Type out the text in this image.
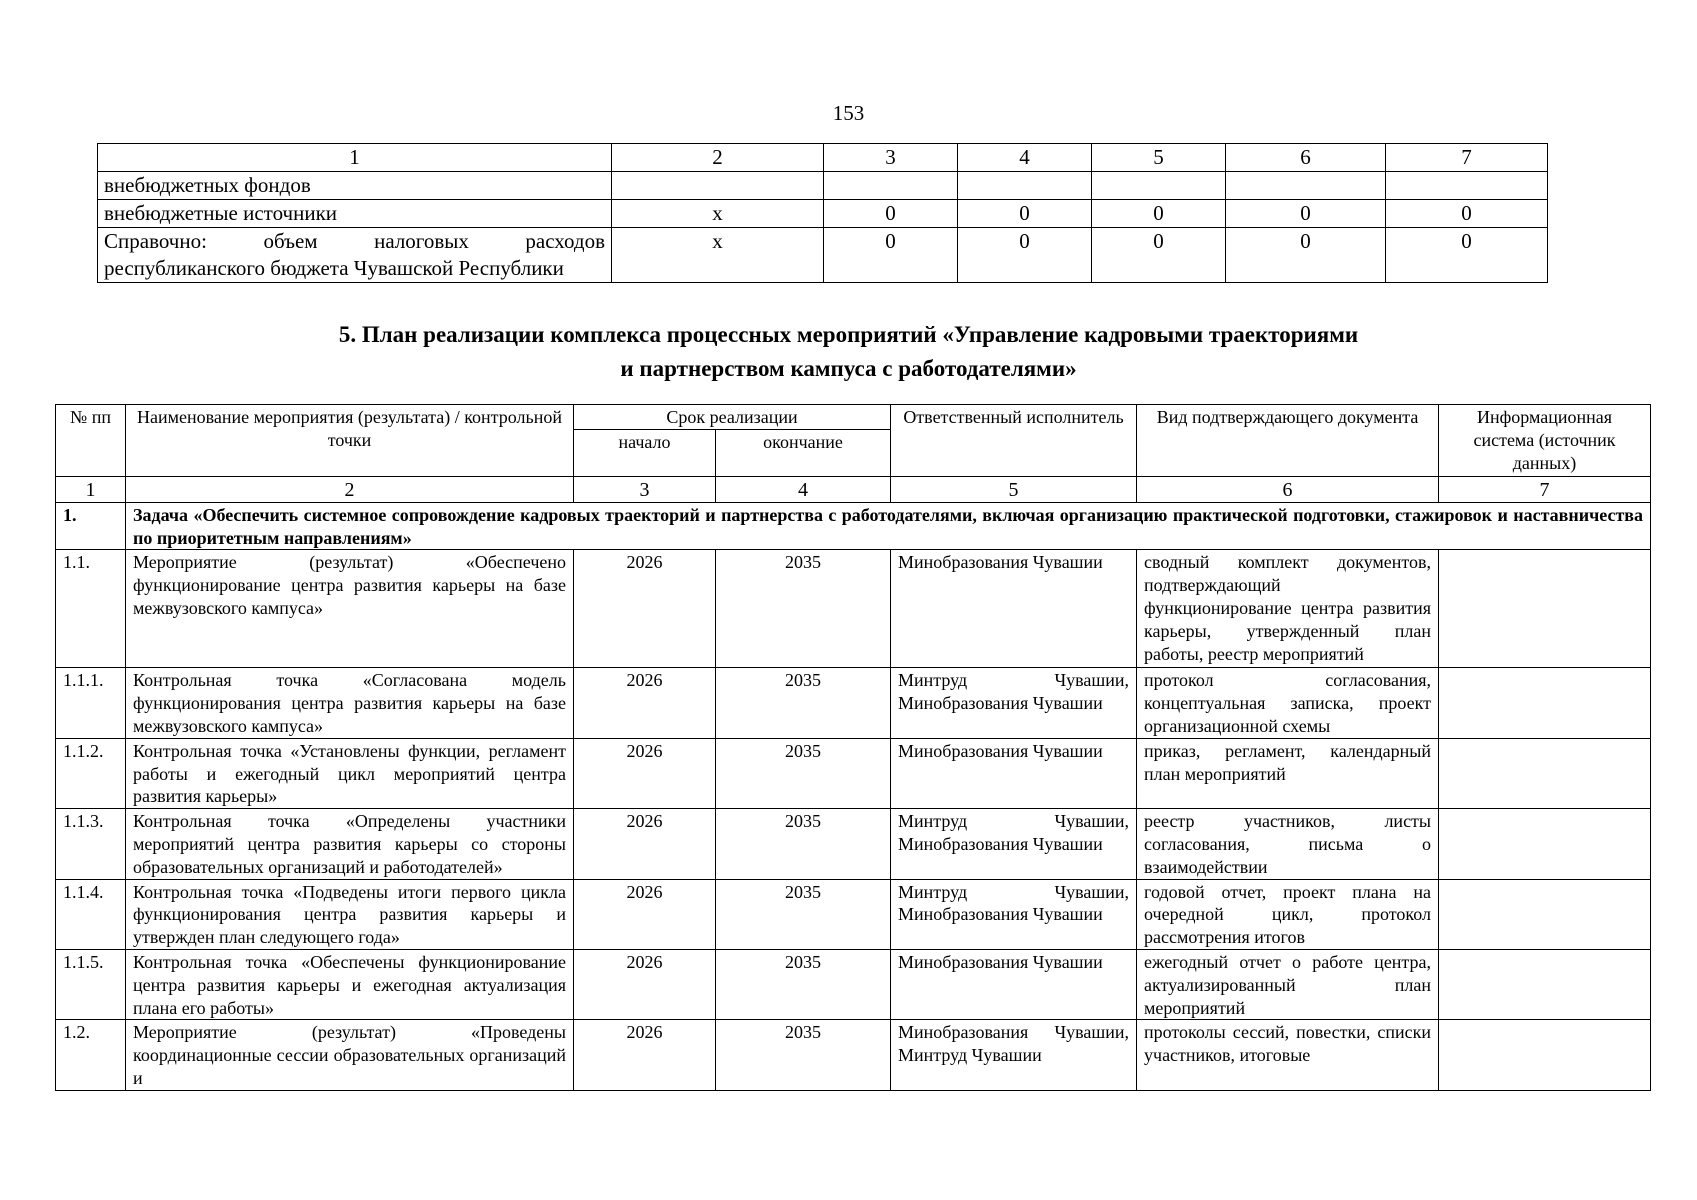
153
1	2	3	4	5	6	7
внебюджетных фондов						
внебюджетные источники	x	0	0	0	0	0
Справочно: объем налоговых расходов республиканского бюджета Чувашской Республики	x	0	0	0	0	0
5. План реализации комплекса процессных мероприятий «Управление кадровыми траекториями
и партнерством кампуса с работодателями»
№ пп	Наименование мероприятия (результата) / контрольной точки	Срок реализации		Ответственный исполнитель	Вид подтверждающего документа	Информационная система (источник данных)
		начало	окончание			
1	2	3	4	5	6	7
1.	Задача «Обеспечить системное сопровождение кадровых траекторий и партнерства с работодателями, включая организацию практической подготовки, стажировок и наставничества по приоритетным направлениям»					
1.1.	Мероприятие (результат) «Обеспечено функционирование центра развития карьеры на базе межвузовского кампуса»	2026	2035	Минобразования Чувашии	сводный комплект документов, подтверждающий функционирование центра развития карьеры, утвержденный план работы, реестр мероприятий	
1.1.1.	Контрольная точка «Согласована модель функционирования центра развития карьеры на базе межвузовского кампуса»	2026	2035	Минтруд Чувашии, Минобразования Чувашии	протокол согласования, концептуальная записка, проект организационной схемы	
1.1.2.	Контрольная точка «Установлены функции, регламент работы и ежегодный цикл мероприятий центра развития карьеры»	2026	2035	Минобразования Чувашии	приказ, регламент, календарный план мероприятий	
1.1.3.	Контрольная точка «Определены участники мероприятий центра развития карьеры со стороны образовательных организаций и работодателей»	2026	2035	Минтруд Чувашии, Минобразования Чувашии	реестр участников, листы согласования, письма о взаимодействии	
1.1.4.	Контрольная точка «Подведены итоги первого цикла функционирования центра развития карьеры и утвержден план следующего года»	2026	2035	Минтруд Чувашии, Минобразования Чувашии	годовой отчет, проект плана на очередной цикл, протокол рассмотрения итогов	
1.1.5.	Контрольная точка «Обеспечены функционирование центра развития карьеры и ежегодная актуализация плана его работы»	2026	2035	Минобразования Чувашии	ежегодный отчет о работе центра, актуализированный план мероприятий	
1.2.	Мероприятие (результат) «Проведены координационные сессии образовательных организаций и	2026	2035	Минобразования Чувашии, Минтруд Чувашии	протоколы сессий, повестки, списки участников, итоговые	
